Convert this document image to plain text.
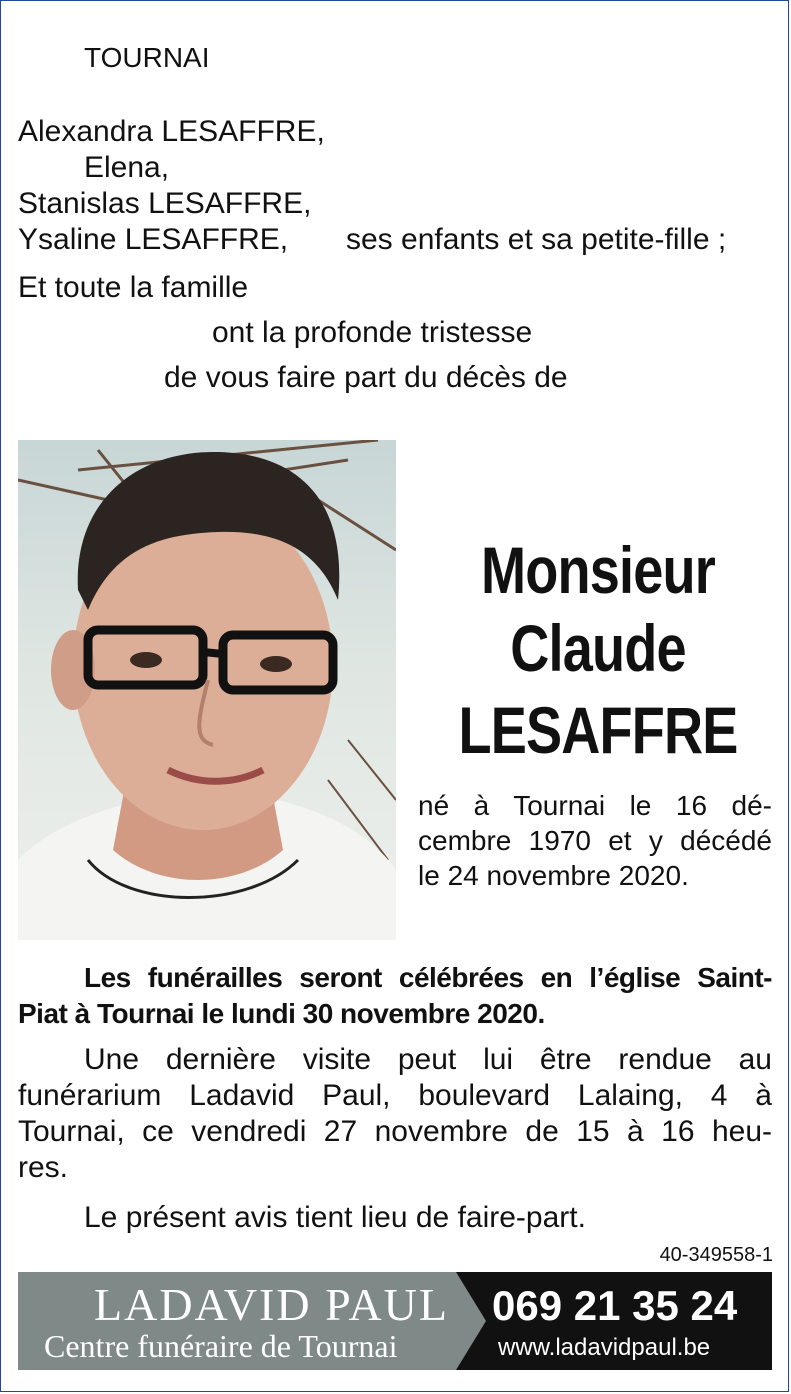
TOURNAI
Alexandra LESAFFRE,
Elena,
Stanislas LESAFFRE,
Ysaline LESAFFRE, ses enfants et sa petite-fille ;
Et toute la famille
ont la profonde tristesse
de vous faire part du décès de
Monsieur
Claude
LESAFFRE
né à Tournai le 16 dé-
cembre 1970 et y décédé
le 24 novembre 2020.
Les funérailles seront célébrées en l’église Saint-
Piat à Tournai le lundi 30 novembre 2020.
Une dernière visite peut lui être rendue au
funérarium Ladavid Paul, boulevard Lalaing, 4 à
Tournai, ce vendredi 27 novembre de 15 à 16 heu-
res.
Le présent avis tient lieu de faire-part.
40-349558-1
LADAVID PAUL
Centre funéraire de Tournai
069 21 35 24
www.ladavidpaul.be
